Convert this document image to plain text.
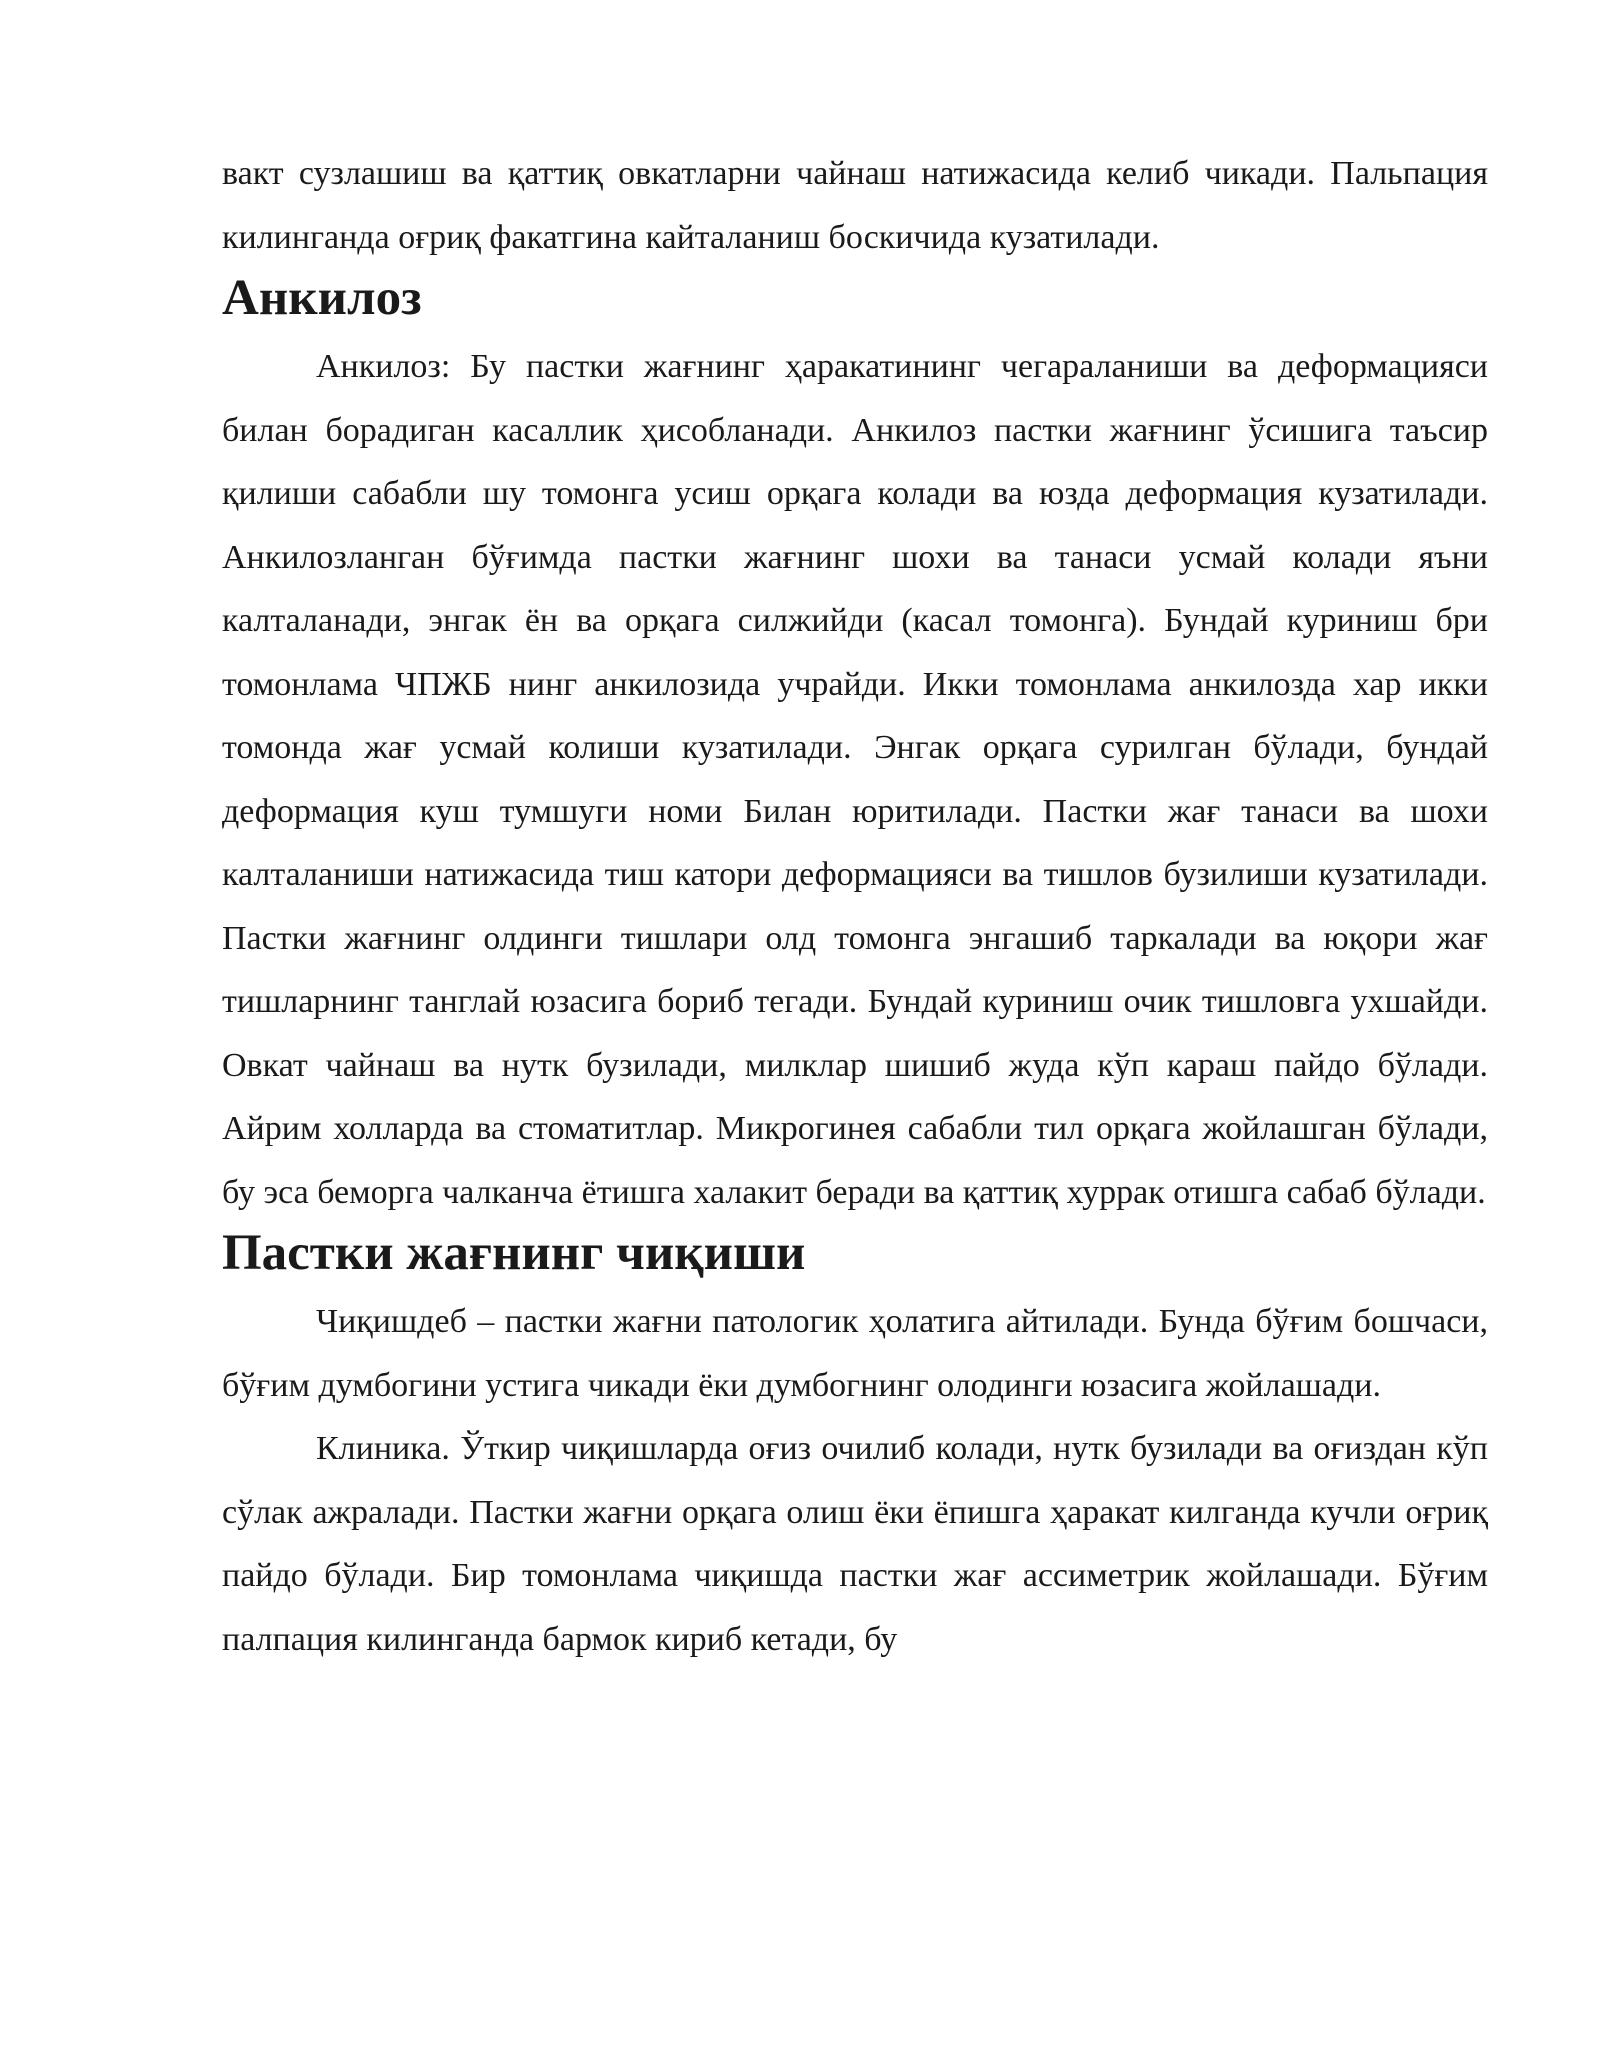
вакт сузлашиш ва қаттиқ овкатларни чайнаш натижасида келиб чикади. Пальпация килинганда оғриқ факатгина кайталаниш боскичида кузатилади.

Анкилоз

Анкилоз: Бу пастки жағнинг ҳаракатининг чегараланиши ва деформацияси билан борадиган касаллик ҳисобланади. Анкилоз пастки жағнинг ўсишига таъсир қилиши сабабли шу томонга усиш орқага колади ва юзда деформация кузатилади. Анкилозланган бўғимда пастки жағнинг шохи ва танаси усмай колади яъни калталанади, энгак ён ва орқага силжийди (касал томонга). Бундай куриниш бри томонлама ЧПЖБ нинг анкилозида учрайди. Икки томонлама анкилозда хар икки томонда жағ усмай колиши кузатилади. Энгак орқага сурилган бўлади, бундай деформация куш тумшуги номи Билан юритилади. Пастки жағ танаси ва шохи калталаниши натижасида тиш катори деформацияси ва тишлов бузилиши кузатилади. Пастки жағнинг олдинги тишлари олд томонга энгашиб таркалади ва юқори жағ тишларнинг танглай юзасига бориб тегади. Бундай куриниш очик тишловга ухшайди. Овкат чайнаш ва нутк бузилади, милклар шишиб жуда кўп караш пайдо бўлади. Айрим холларда ва стоматитлар. Микрогинея сабабли тил орқага жойлашган бўлади, бу эса беморга чалканча ётишга халакит беради ва қаттиқ хуррак отишга сабаб бўлади.

Пастки жағнинг чиқиши

Чиқишдеб – пастки жағни патологик ҳолатига айтилади. Бунда бўғим бошчаси, бўғим думбогини устига чикади ёки думбогнинг олодинги юзасига жойлашади.

Клиника. Ўткир чиқишларда оғиз очилиб колади, нутк бузилади ва оғиздан кўп сўлак ажралади. Пастки жағни орқага олиш ёки ёпишга ҳаракат килганда кучли оғриқ пайдо бўлади. Бир томонлама чиқишда пастки жағ ассиметрик жойлашади. Бўғим палпация килинганда бармок кириб кетади, бу
